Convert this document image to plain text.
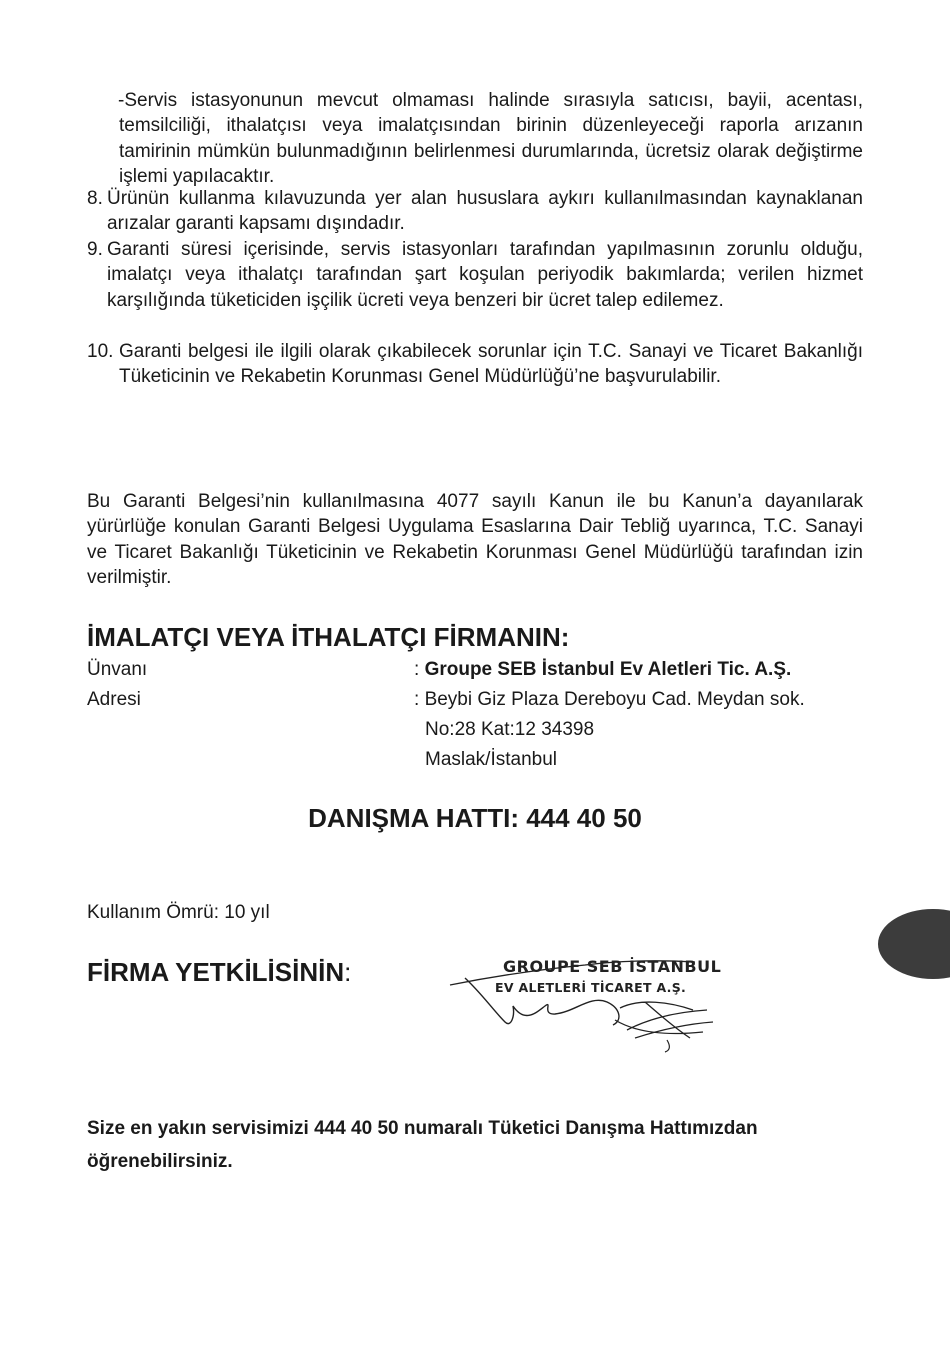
-Servis istasyonunun mevcut olmaması halinde sırasıyla satıcısı, bayii, acentası, temsilciliği, ithalatçısı veya imalatçısından birinin düzenleyeceği raporla arızanın tamirinin mümkün bulunmadığının belirlenmesi durumlarında, ücretsiz olarak değiştirme işlemi yapılacaktır.
8. Ürünün kullanma kılavuzunda yer alan hususlara aykırı kullanılmasından kaynaklanan arızalar garanti kapsamı dışındadır.
9. Garanti süresi içerisinde, servis istasyonları tarafından yapılmasının zorunlu olduğu, imalatçı veya ithalatçı tarafından şart koşulan periyodik bakımlarda; verilen hizmet karşılığında tüketiciden işçilik ücreti veya benzeri bir ücret talep edilemez.
10. Garanti belgesi ile ilgili olarak çıkabilecek sorunlar için T.C. Sanayi ve Ticaret Bakanlığı Tüketicinin ve Rekabetin Korunması Genel Müdürlüğü’ne başvurulabilir.
Bu Garanti Belgesi’nin kullanılmasına 4077 sayılı Kanun ile bu Kanun’a dayanılarak yürürlüğe konulan Garanti Belgesi Uygulama Esaslarına Dair Tebliğ uyarınca, T.C. Sanayi ve Ticaret Bakanlığı Tüketicinin ve Rekabetin Korunması Genel Müdürlüğü tarafından izin verilmiştir.
İMALATÇI VEYA İTHALATÇI FİRMANIN:
Ünvanı	: Groupe SEB İstanbul Ev Aletleri Tic. A.Ş.
Adresi	: Beybi Giz Plaza Dereboyu Cad. Meydan sok.
No:28 Kat:12 34398
Maslak/İstanbul
DANIŞMA HATTI: 444 40 50
Kullanım Ömrü: 10 yıl
FİRMA YETKİLİSİNİN:	GROUPE SEB İSTANBUL
EV ALETLERİ TİCARET A.Ş.
Size en yakın servisimizi 444 40 50 numaralı Tüketici Danışma Hattımızdan öğrenebilirsiniz.
